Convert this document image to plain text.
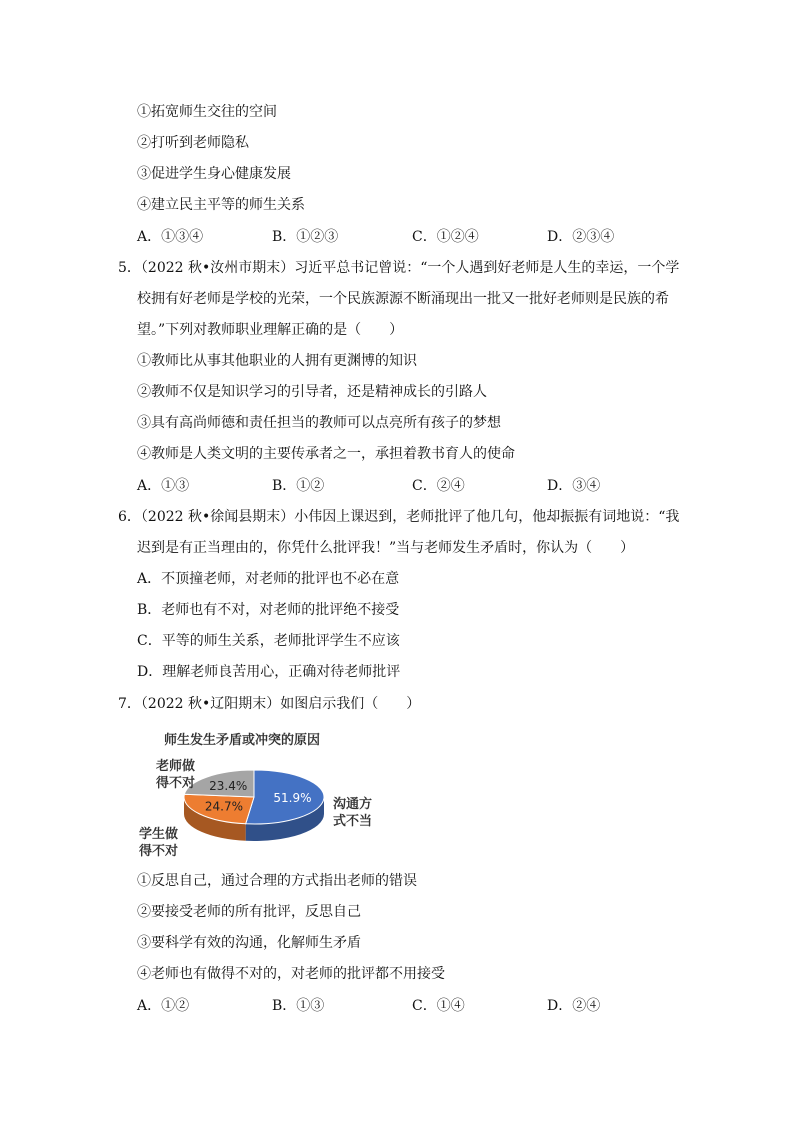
①拓宽师生交往的空间
②打听到老师隐私
③促进学生身心健康发展
④建立民主平等的师生关系
A．①③④	B．①②③	C．①②④	D．②③④
5．（2022 秋•汝州市期末）习近平总书记曾说：“一个人遇到好老师是人生的幸运，一个学
校拥有好老师是学校的光荣，一个民族源源不断涌现出一批又一批好老师则是民族的希
望。”下列对教师职业理解正确的是（　　）
①教师比从事其他职业的人拥有更渊博的知识
②教师不仅是知识学习的引导者，还是精神成长的引路人
③具有高尚师德和责任担当的教师可以点亮所有孩子的梦想
④教师是人类文明的主要传承者之一，承担着教书育人的使命
A．①③	B．①②	C．②④	D．③④
6．（2022 秋•徐闻县期末）小伟因上课迟到，老师批评了他几句，他却振振有词地说：“我
迟到是有正当理由的，你凭什么批评我！”当与老师发生矛盾时，你认为（　　）
A．不顶撞老师，对老师的批评也不必在意
B．老师也有不对，对老师的批评绝不接受
C．平等的师生关系，老师批评学生不应该
D．理解老师良苦用心，正确对待老师批评
7．（2022 秋•辽阳期末）如图启示我们（　　）
师生发生矛盾或冲突的原因
51.9%
24.7%
23.4%
沟通方
式不当
学生做
得不对
老师做
得不对
①反思自己，通过合理的方式指出老师的错误
②要接受老师的所有批评，反思自己
③要科学有效的沟通，化解师生矛盾
④老师也有做得不对的，对老师的批评都不用接受
A．①②	B．①③	C．①④	D．②④
